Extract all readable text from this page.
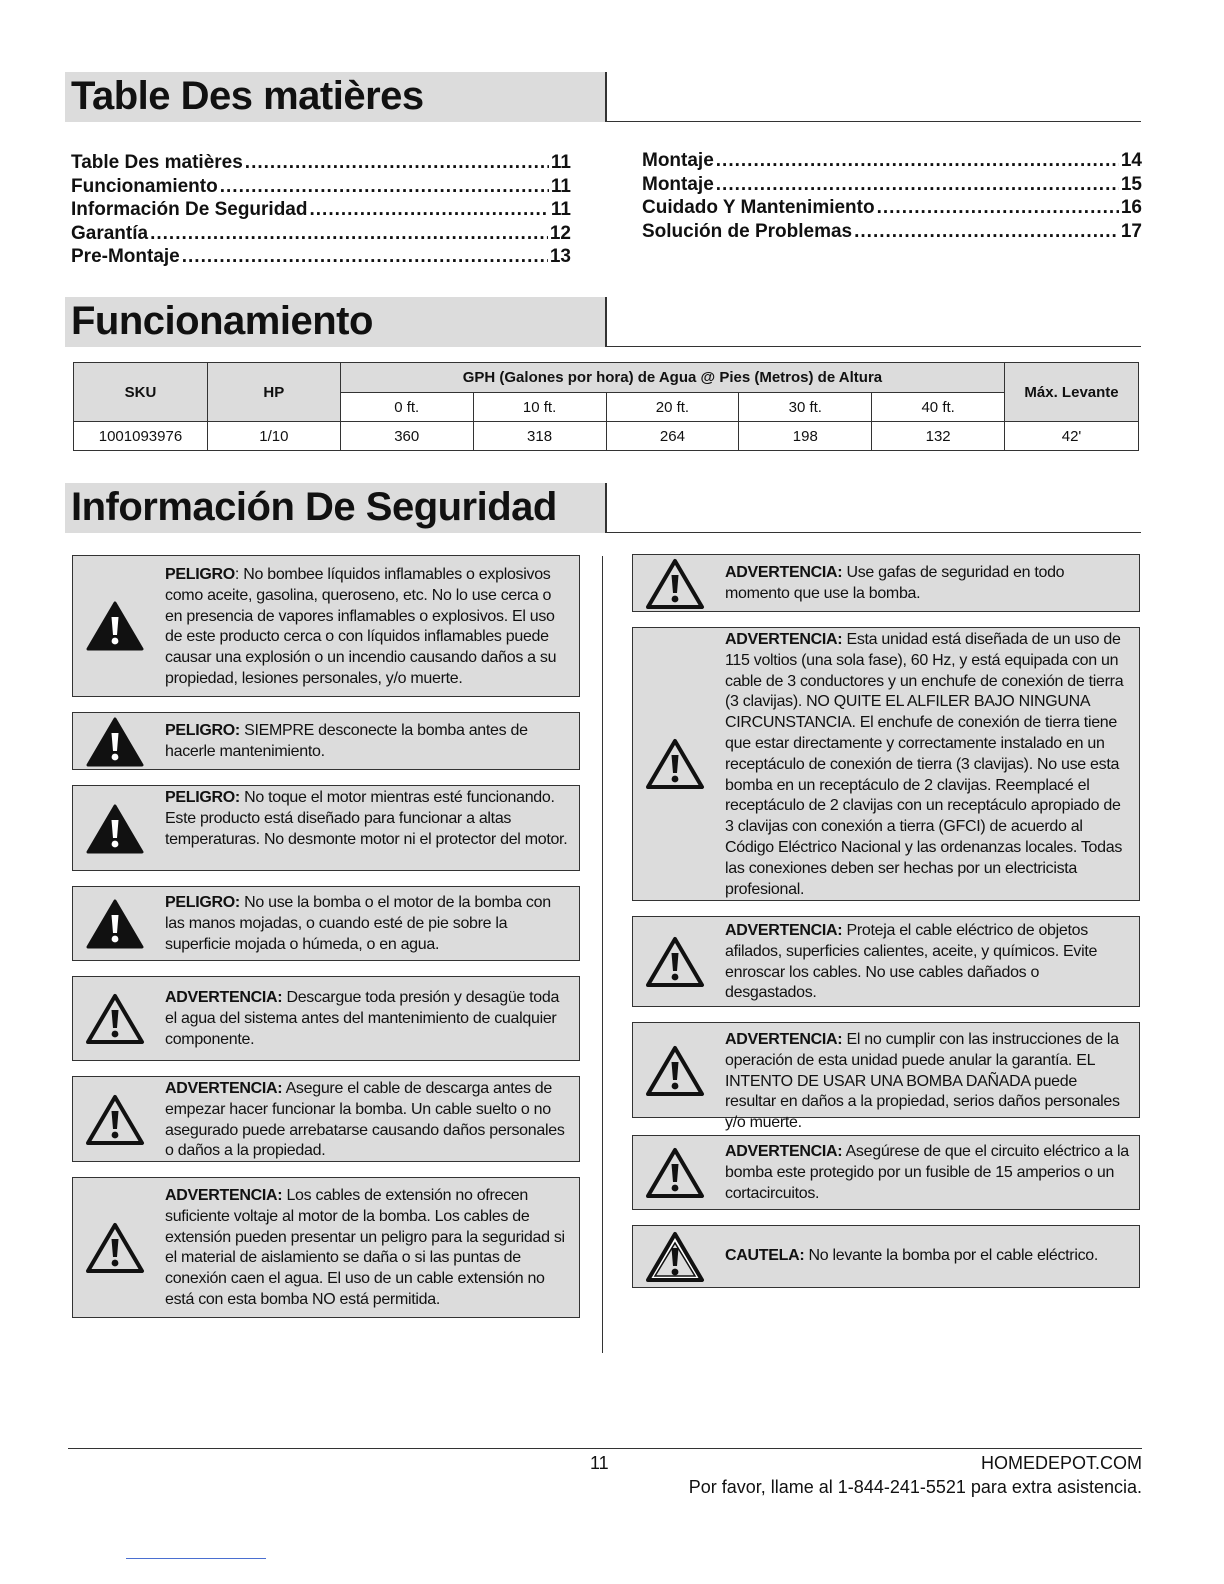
Table Des matières
Table Des matières .....	11
Funcionamiento .....	11
Información De Seguridad .....	11
Garantía .....	12
Pre-Montaje .....	13
Montaje .....	14
Montaje .....	15
Cuidado Y Mantenimiento .....	16
Solución de Problemas .....	17
Funcionamiento
SKU	HP	GPH (Galones por hora) de Agua @ Pies (Metros) de Altura					Máx. Levante
		0 ft.	10 ft.	20 ft.	30 ft.	40 ft.	
1001093976	1/10	360	318	264	198	132	42'
Información De Seguridad
PELIGRO: No bombee líquidos inflamables o explosivos como aceite, gasolina, queroseno, etc. No lo use cerca o en presencia de vapores inflamables o explosivos. El uso de este producto cerca o con líquidos inflamables puede causar una explosión o un incendio causando daños a su propiedad, lesiones personales, y/o muerte.
PELIGRO: SIEMPRE desconecte la bomba antes de hacerle mantenimiento.
PELIGRO: No toque el motor mientras esté funcionando. Este producto está diseñado para funcionar a altas temperaturas. No desmonte motor ni el protector del motor.
PELIGRO: No use la bomba o el motor de la bomba con las manos mojadas, o cuando esté de pie sobre la superficie mojada o húmeda, o en agua.
ADVERTENCIA: Descargue toda presión y desagüe toda el agua del sistema antes del mantenimiento de cualquier componente.
ADVERTENCIA: Asegure el cable de descarga antes de empezar hacer funcionar la bomba. Un cable suelto o no asegurado puede arrebatarse causando daños personales o daños a la propiedad.
ADVERTENCIA: Los cables de extensión no ofrecen suficiente voltaje al motor de la bomba. Los cables de extensión pueden presentar un peligro para la seguridad si el material de aislamiento se daña o si las puntas de conexión caen el agua. El uso de un cable extensión no está con esta bomba NO está permitida.
ADVERTENCIA: Use gafas de seguridad en todo momento que use la bomba.
ADVERTENCIA: Esta unidad está diseñada de un uso de 115 voltios (una sola fase), 60 Hz, y está equipada con un cable de 3 conductores y un enchufe de conexión de tierra (3 clavijas). NO QUITE EL ALFILER BAJO NINGUNA CIRCUNSTANCIA. El enchufe de conexión de tierra tiene que estar directamente y correctamente instalado en un receptáculo de conexión de tierra (3 clavijas). No use esta bomba en un receptáculo de 2 clavijas. Reemplacé el receptáculo de 2 clavijas con un receptáculo apropiado de 3 clavijas con conexión a tierra (GFCI) de acuerdo al Código Eléctrico Nacional y las ordenanzas locales. Todas las conexiones deben ser hechas por un electricista profesional.
ADVERTENCIA: Proteja el cable eléctrico de objetos afilados, superficies calientes, aceite, y químicos. Evite enroscar los cables. No use cables dañados o desgastados.
ADVERTENCIA: El no cumplir con las instrucciones de la operación de esta unidad puede anular la garantía. EL INTENTO DE USAR UNA BOMBA DAÑADA puede resultar en daños a la propiedad, serios daños personales y/o muerte.
ADVERTENCIA: Asegúrese de que el circuito eléctrico a la bomba este protegido por un fusible de 15 amperios o un cortacircuitos.
CAUTELA: No levante la bomba por el cable eléctrico.
11	HOMEDEPOT.COM
Por favor, llame al 1-844-241-5521 para extra asistencia.
